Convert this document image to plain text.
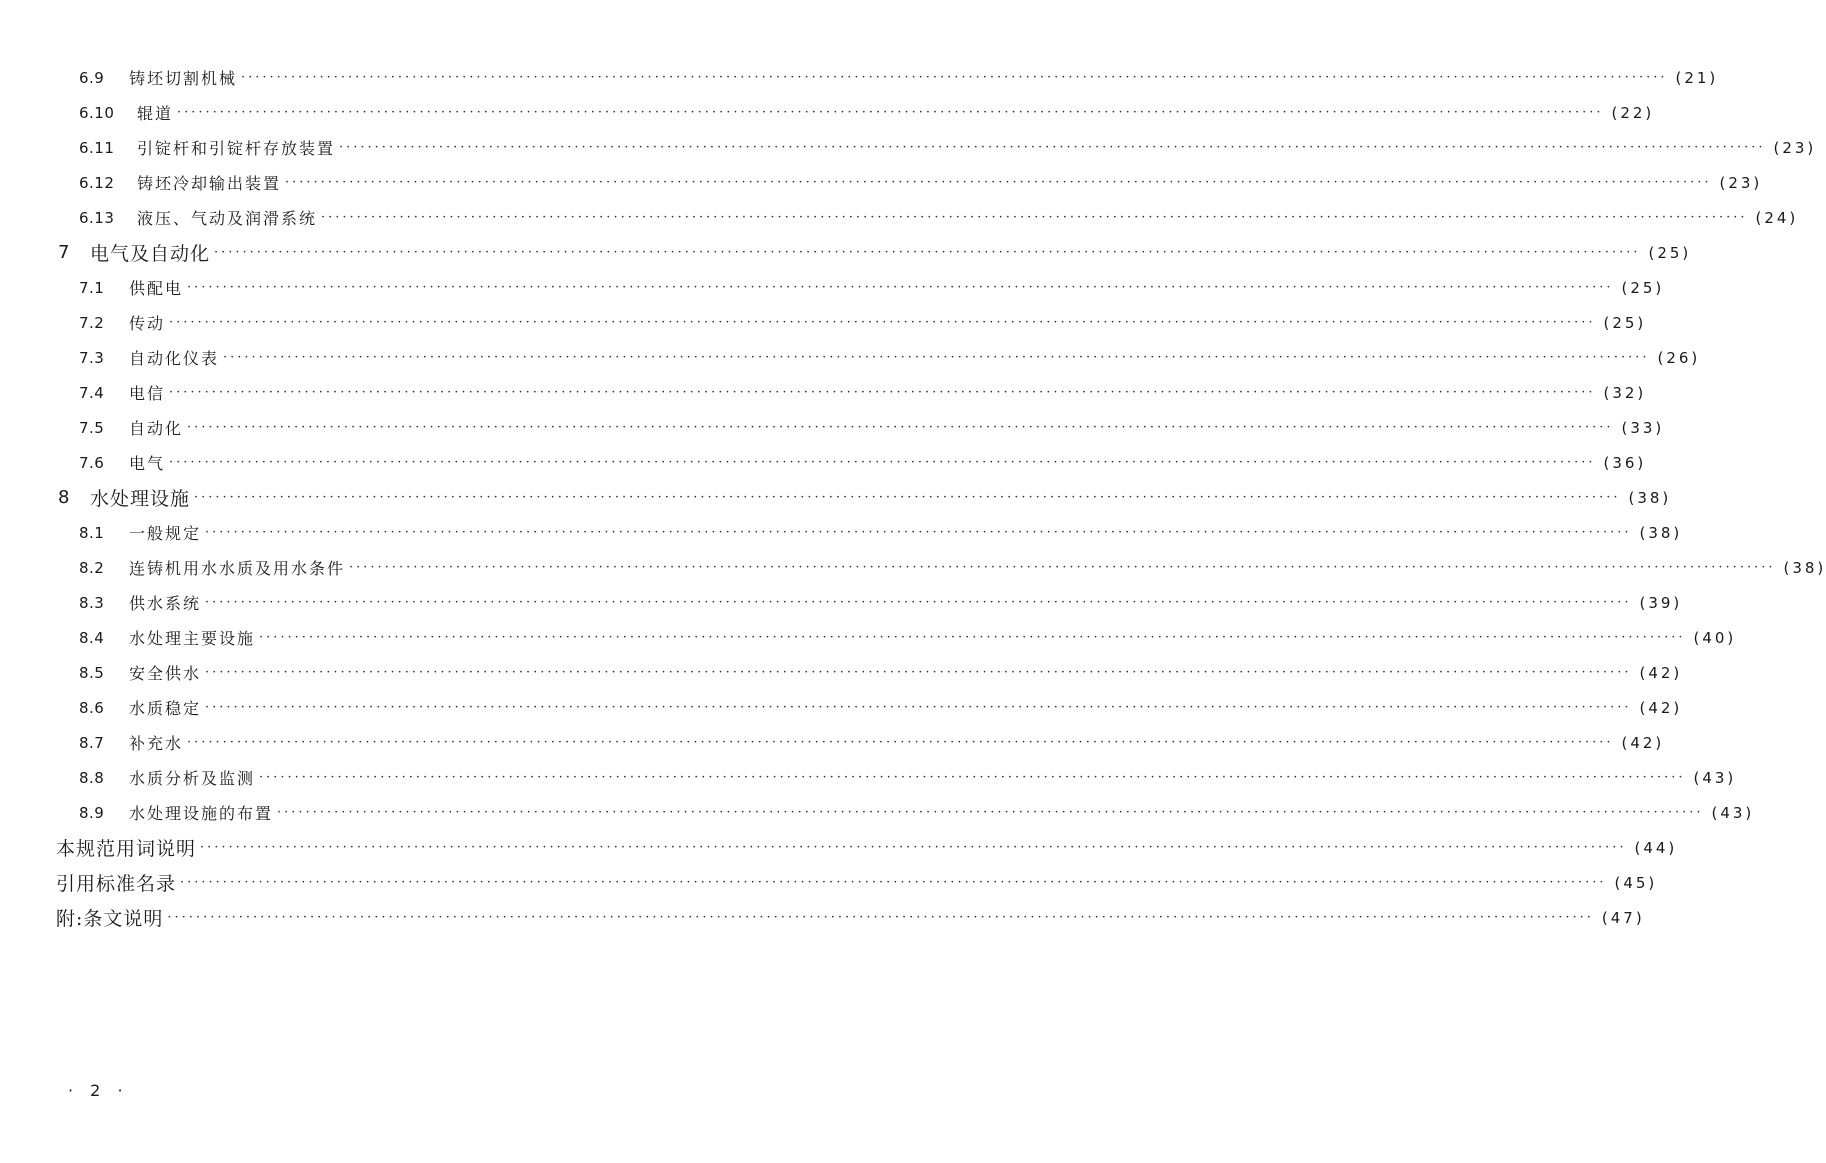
6.9	铸坯切割机械 ········································································································································································································ (21)
6.10	辊道 ········································································································································································································ (22)
6.11	引锭杆和引锭杆存放装置 ········································································································································································································ (23)
6.12	铸坯冷却输出装置 ········································································································································································································ (23)
6.13	液压、气动及润滑系统 ········································································································································································································ (24)
7	电气及自动化 ········································································································································································································ (25)
7.1	供配电 ········································································································································································································ (25)
7.2	传动 ········································································································································································································ (25)
7.3	自动化仪表 ········································································································································································································ (26)
7.4	电信 ········································································································································································································ (32)
7.5	自动化 ········································································································································································································ (33)
7.6	电气 ········································································································································································································ (36)
8	水处理设施 ········································································································································································································ (38)
8.1	一般规定 ········································································································································································································ (38)
8.2	连铸机用水水质及用水条件 ········································································································································································································ (38)
8.3	供水系统 ········································································································································································································ (39)
8.4	水处理主要设施 ········································································································································································································ (40)
8.5	安全供水 ········································································································································································································ (42)
8.6	水质稳定 ········································································································································································································ (42)
8.7	补充水 ········································································································································································································ (42)
8.8	水质分析及监测 ········································································································································································································ (43)
8.9	水处理设施的布置 ········································································································································································································ (43)
本规范用词说明 ········································································································································································································ (44)
引用标准名录 ········································································································································································································ (45)
附:条文说明 ········································································································································································································ (47)
· 2 ·
